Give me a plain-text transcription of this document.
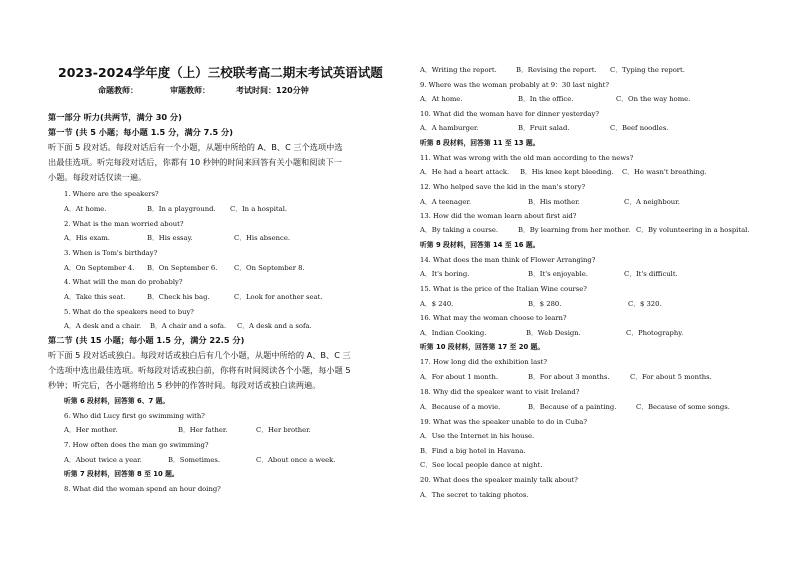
2023-2024学年度（上）三校联考高二期末考试英语试题
命题教师：	审题教师：	考试时间：120分钟
第一部分 听力(共两节，满分 30 分)
第一节 (共 5 小题；每小题 1.5 分，满分 7.5 分)
听下面 5 段对话。每段对话后有一个小题，从题中所给的 A、B、C 三个选项中选
出最佳选项。听完每段对话后，你都有 10 秒钟的时间来回答有关小题和阅读下一
小题。每段对话仅读一遍。
1. Where are the speakers?
A．At home.	B．In a playground. C．In a hospital.
2. What is the man worried about?
A．His exam.	B．His essay.	C．His absence.
3. When is Tom's birthday?
A．On September 4. B．On September 6. C．On September 8.
4. What will the man do probably?
A．Take this seat.	B．Check his bag.	C．Look for another seat.
5. What do the speakers need to buy?
A．A desk and a chair. B．A chair and a sofa. C．A desk and a sofa.
第二节 (共 15 小题；每小题 1.5 分，满分 22.5 分)
听下面 5 段对话或独白。每段对话或独白后有几个小题，从题中所给的 A、B、C 三
个选项中选出最佳选项。听每段对话或独白前，你将有时间阅读各个小题，每小题 5
秒钟；听完后，各小题将给出 5 秒钟的作答时间。每段对话或独白读两遍。
听第 6 段材料，回答第 6、7 题。
6. Who did Lucy first go swimming with?
A．Her mother.	B．Her father.	C．Her brother.
7. How often does the man go swimming?
A．About twice a year.	B．Sometimes.	C．About once a week.
听第 7 段材料，回答第 8 至 10 题。
8. What did the woman spend an hour doing?
A．Writing the report.	B．Revising the report. C．Typing the report.
9. Where was the woman probably at 9：30 last night?
A．At home.	B．In the office.	C．On the way home.
10. What did the woman have for dinner yesterday?
A．A hamburger.	B．Fruit salad.	C．Beef noodles.
听第 8 段材料，回答第 11 至 13 题。
11. What was wrong with the old man according to the news?
A．He had a heart attack. B．His knee kept bleeding. C．He wasn't breathing.
12. Who helped save the kid in the man's story?
A．A teenager.	B．His mother.	C．A neighbour.
13. How did the woman learn about first aid?
A．By taking a course.	B．By learning from her mother. C．By volunteering in a hospital.
听第 9 段材料，回答第 14 至 16 题。
14. What does the man think of Flower Arranging?
A．It's boring.	B．It's enjoyable.	C．It's difficult.
15. What is the price of the Italian Wine course?
A．$ 240.	B．$ 280.	C．$ 320.
16. What may the woman choose to learn?
A．Indian Cooking.	B．Web Design.	C．Photography.
听第 10 段材料，回答第 17 至 20 题。
17. How long did the exhibition last?
A．For about 1 month.	B．For about 3 months.	C．For about 5 months.
18. Why did the speaker want to visit Ireland?
A．Because of a movie.	B．Because of a painting.	C．Because of some songs.
19. What was the speaker unable to do in Cuba?
A．Use the Internet in his house.
B．Find a big hotel in Havana.
C．See local people dance at night.
20. What does the speaker mainly talk about?
A．The secret to taking photos.
